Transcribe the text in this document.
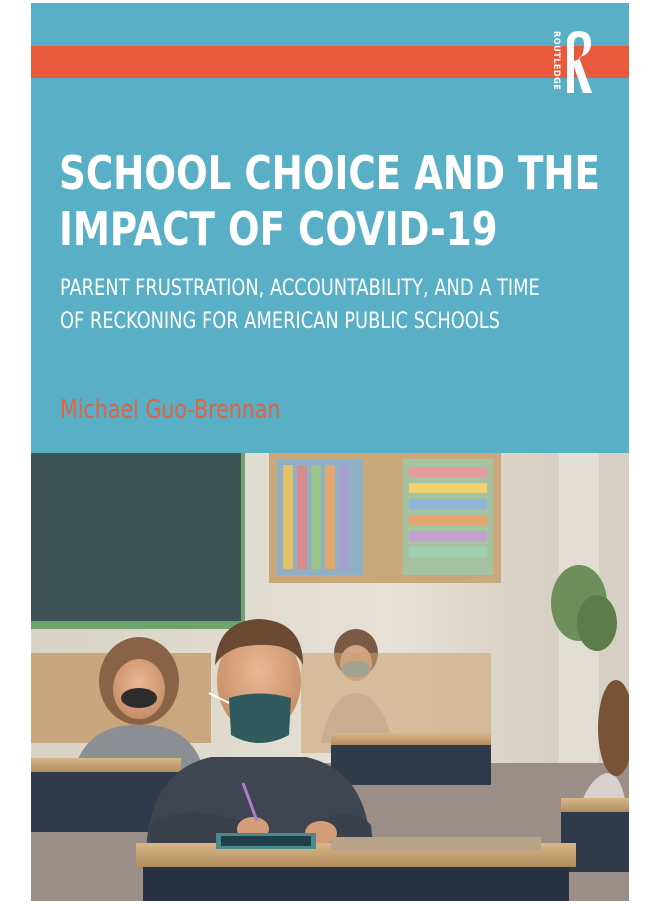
ROUTLEDGE
SCHOOL CHOICE AND THE
IMPACT OF COVID-19

PARENT FRUSTRATION, ACCOUNTABILITY, AND A TIME
OF RECKONING FOR AMERICAN PUBLIC SCHOOLS

Michael Guo-Brennan
